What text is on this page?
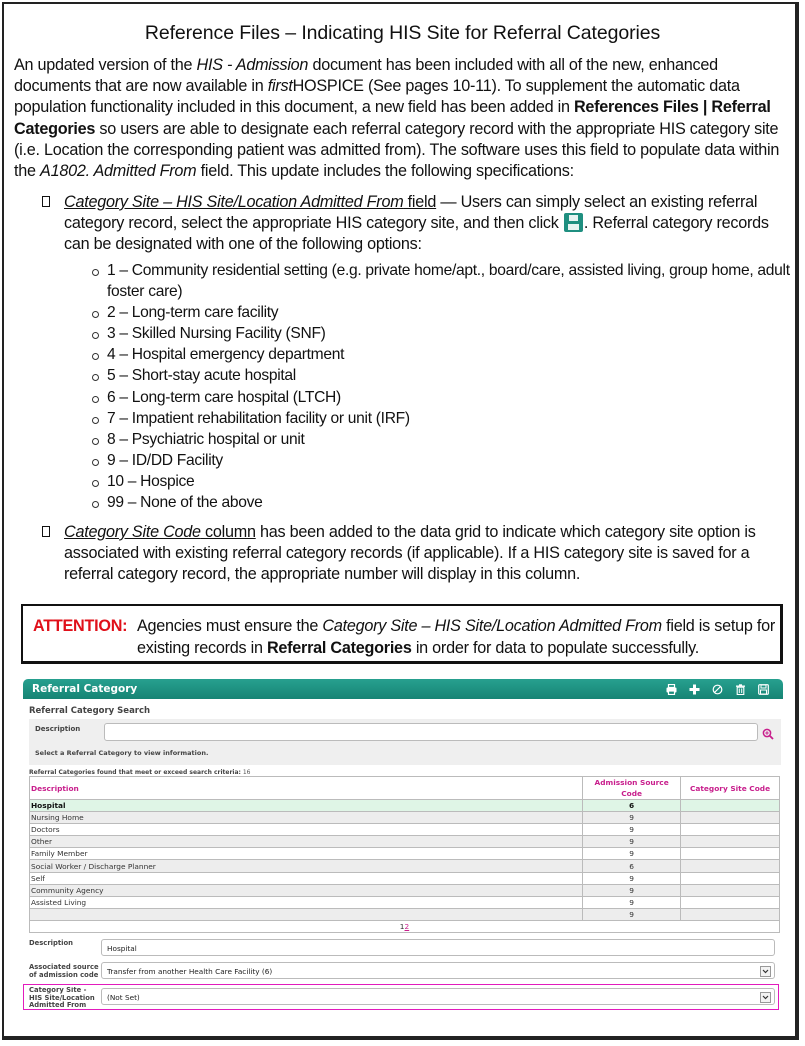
Reference Files – Indicating HIS Site for Referral Categories
An updated version of the HIS - Admission document has been included with all of the new, enhanced documents that are now available in firstHOSPICE (See pages 10-11). To supplement the automatic data population functionality included in this document, a new field has been added in References Files | Referral Categories so users are able to designate each referral category record with the appropriate HIS category site (i.e. Location the corresponding patient was admitted from). The software uses this field to populate data within the A1802. Admitted From field. This update includes the following specifications:
Category Site – HIS Site/Location Admitted From field — Users can simply select an existing referral category record, select the appropriate HIS category site, and then click . Referral category records can be designated with one of the following options:
1 – Community residential setting (e.g. private home/apt., board/care, assisted living, group home, adult foster care)
2 – Long-term care facility
3 – Skilled Nursing Facility (SNF)
4 – Hospital emergency department
5 – Short-stay acute hospital
6 – Long-term care hospital (LTCH)
7 – Impatient rehabilitation facility or unit (IRF)
8 – Psychiatric hospital or unit
9 – ID/DD Facility
10 – Hospice
99 – None of the above
Category Site Code column has been added to the data grid to indicate which category site option is associated with existing referral category records (if applicable). If a HIS category site is saved for a referral category record, the appropriate number will display in this column.
ATTENTION: Agencies must ensure the Category Site – HIS Site/Location Admitted From field is setup for existing records in Referral Categories in order for data to populate successfully.
Referral Category
Referral Category Search
Description
Select a Referral Category to view information.
Referral Categories found that meet or exceed search criteria: 16
Description	Admission Source Code	Category Site Code
Hospital	6	
Nursing Home	9	
Doctors	9	
Other	9	
Family Member	9	
Social Worker / Discharge Planner	6	
Self	9	
Community Agency	9	
Assisted Living	9	
	9	
12		
Description
Hospital
Associated source of admission code	Transfer from another Health Care Facility (6)
Category Site - HIS Site/Location Admitted From
(Not Set)
